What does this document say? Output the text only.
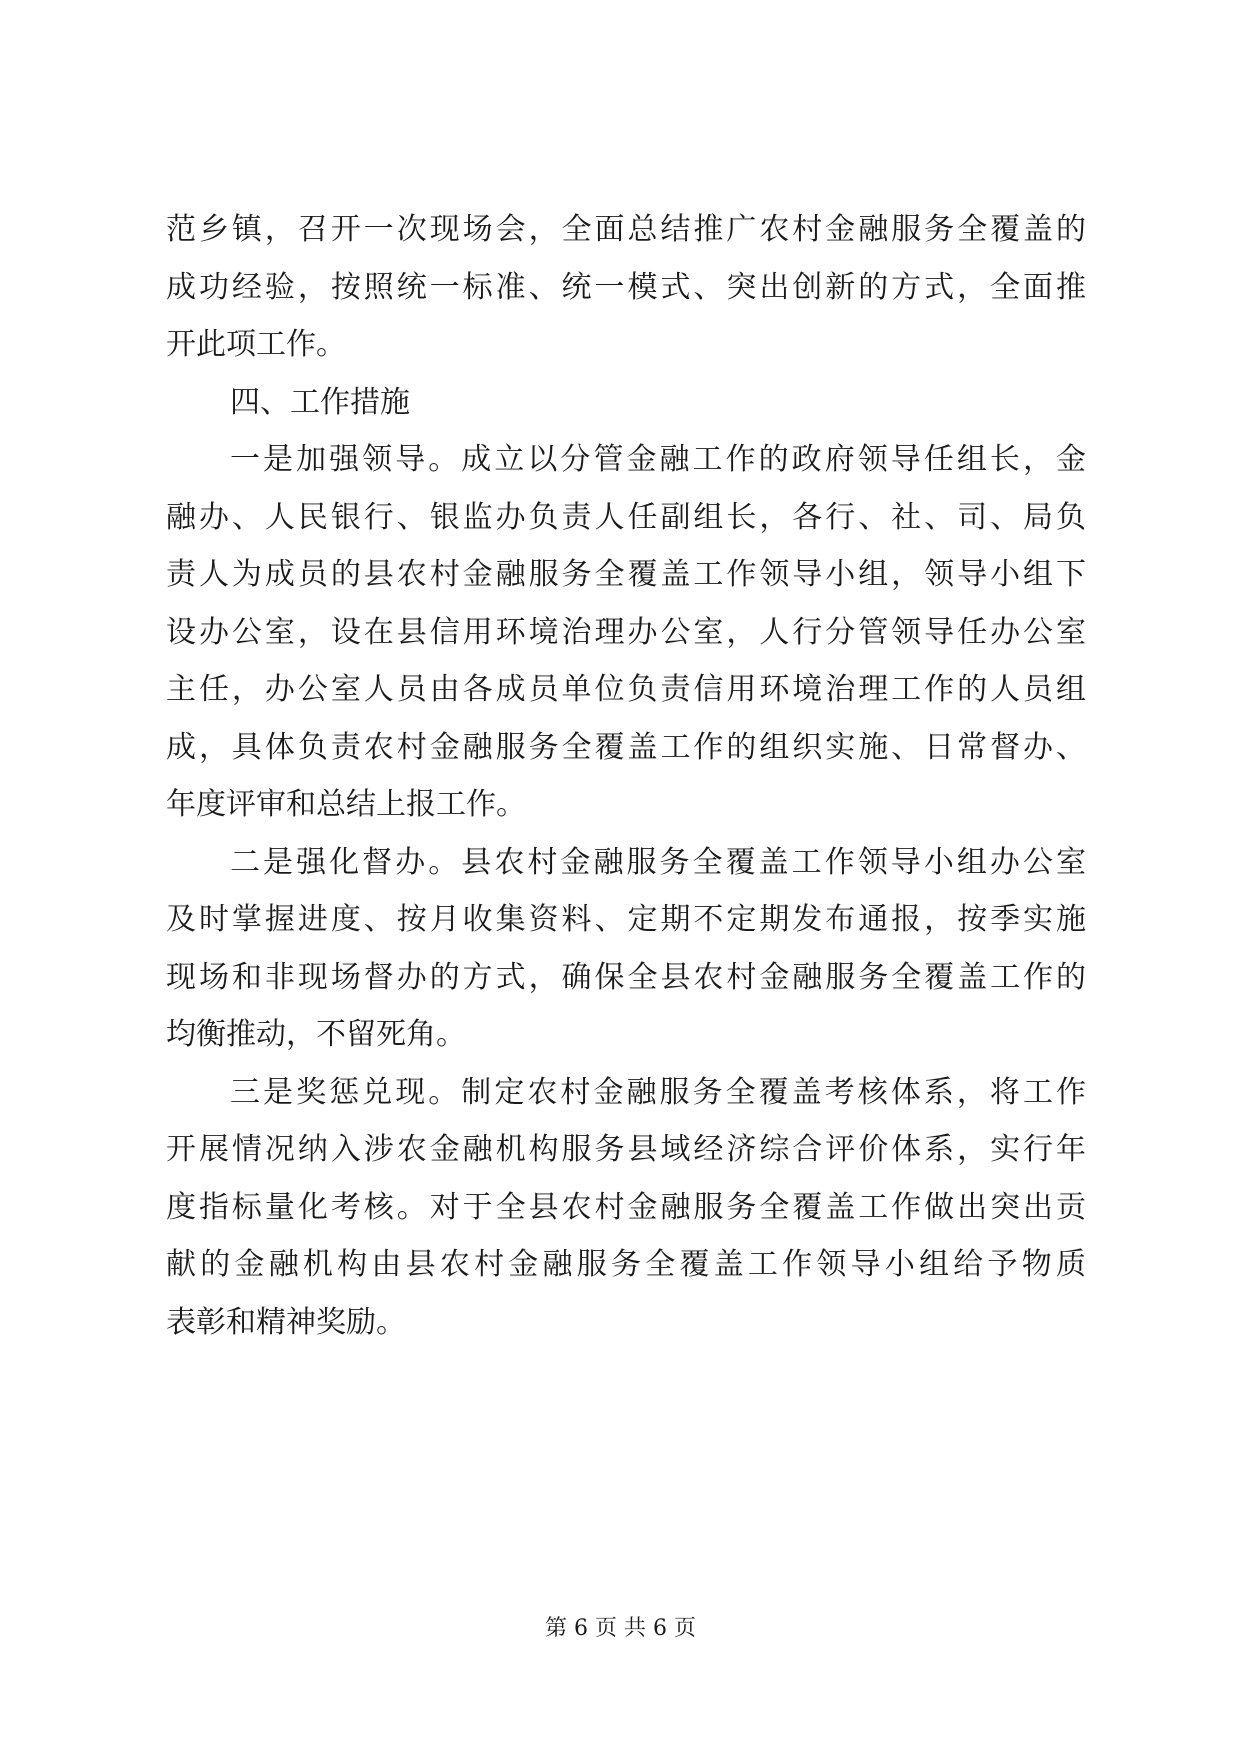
范乡镇，召开一次现场会，全面总结推广农村金融服务全覆盖的
成功经验，按照统一标准、统一模式、突出创新的方式，全面推
开此项工作。
四、工作措施
一是加强领导。成立以分管金融工作的政府领导任组长，金
融办、人民银行、银监办负责人任副组长，各行、社、司、局负
责人为成员的县农村金融服务全覆盖工作领导小组，领导小组下
设办公室，设在县信用环境治理办公室，人行分管领导任办公室
主任，办公室人员由各成员单位负责信用环境治理工作的人员组
成，具体负责农村金融服务全覆盖工作的组织实施、日常督办、
年度评审和总结上报工作。
二是强化督办。县农村金融服务全覆盖工作领导小组办公室
及时掌握进度、按月收集资料、定期不定期发布通报，按季实施
现场和非现场督办的方式，确保全县农村金融服务全覆盖工作的
均衡推动，不留死角。
三是奖惩兑现。制定农村金融服务全覆盖考核体系，将工作
开展情况纳入涉农金融机构服务县域经济综合评价体系，实行年
度指标量化考核。对于全县农村金融服务全覆盖工作做出突出贡
献的金融机构由县农村金融服务全覆盖工作领导小组给予物质
表彰和精神奖励。
第 6 页 共 6 页
